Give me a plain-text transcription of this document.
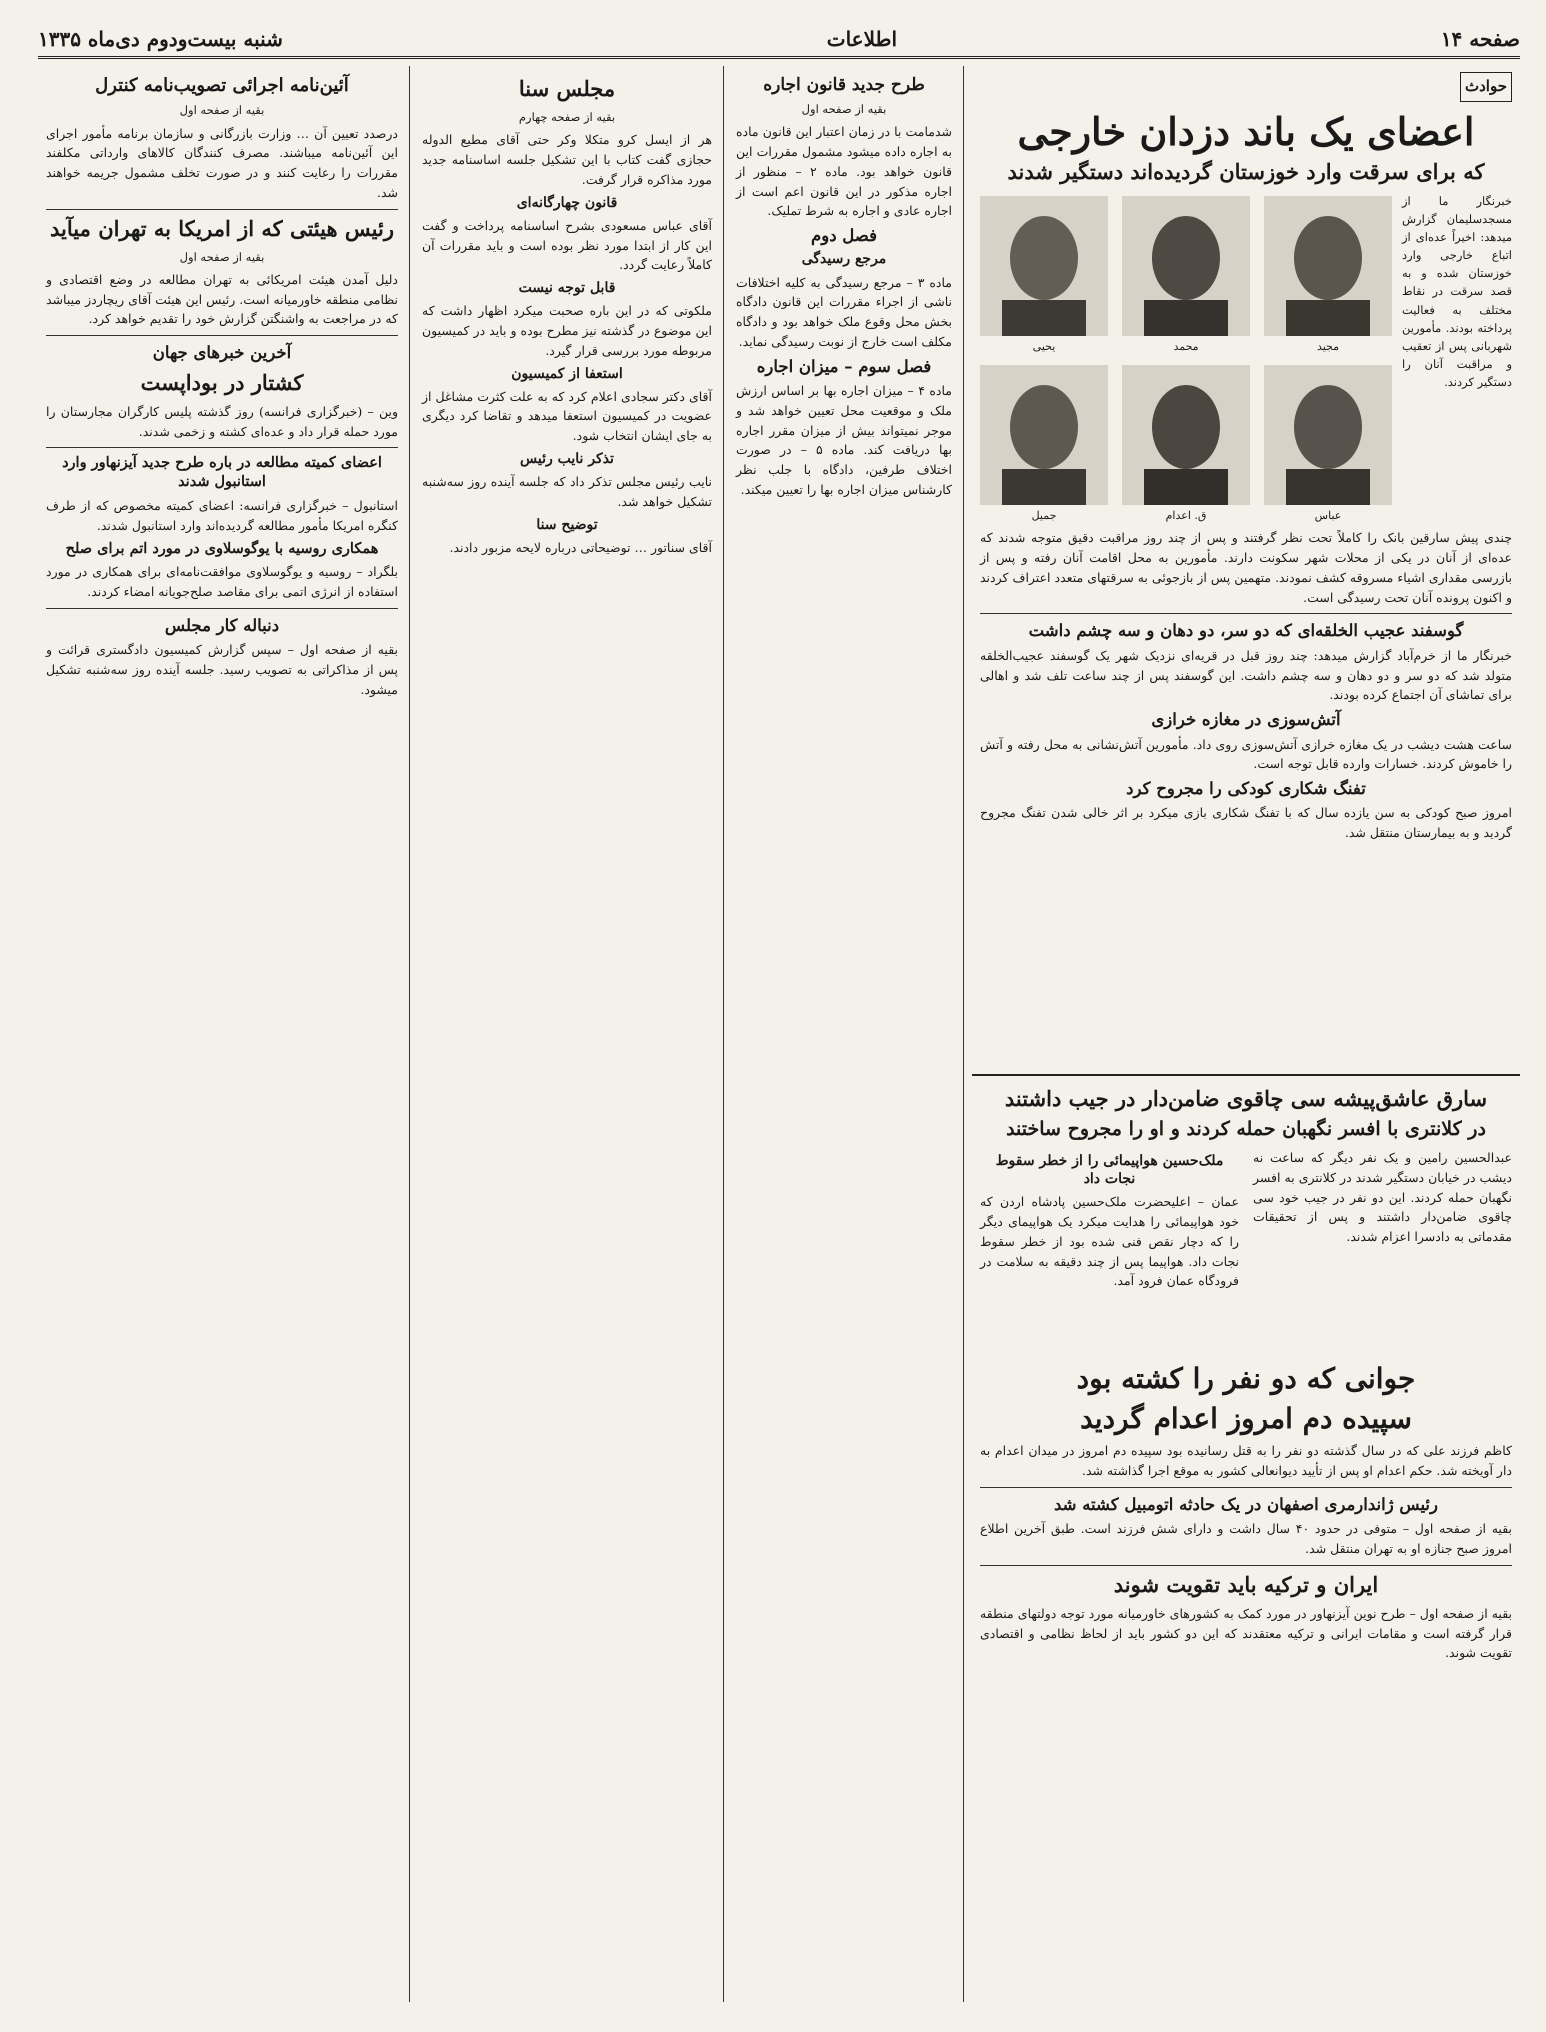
صفحه ۱۴
اطلاعات
شنبه بیست‌ودوم دی‌ماه ۱۳۳۵
حوادث
اعضای یک باند دزدان خارجی
که برای سرقت وارد خوزستان گردیده‌اند دستگیر شدند

خبرنگار ما از مسجدسلیمان گزارش میدهد: اخیراً عده‌ای از اتباع خارجی وارد خوزستان شده و به قصد سرقت در نقاط مختلف به فعالیت پرداخته بودند. مأمورین شهربانی پس از تعقیب و مراقبت آنان را دستگیر کردند.

مجید
محمد
یحیی
عباس
ق. اعدام
جمیل

چندی پیش سارقین بانک را کاملاً تحت نظر گرفتند و پس از چند روز مراقبت دقیق متوجه شدند که عده‌ای از آنان در یکی از محلات شهر سکونت دارند. مأمورین به محل اقامت آنان رفته و پس از بازرسی مقداری اشیاء مسروقه کشف نمودند. متهمین پس از بازجوئی به سرقتهای متعدد اعتراف کردند و اکنون پرونده آنان تحت رسیدگی است.

گوسفند عجیب الخلقه‌ای که دو سر، دو دهان و سه چشم داشت

خبرنگار ما از خرم‌آباد گزارش میدهد: چند روز قبل در قریه‌ای نزدیک شهر یک گوسفند عجیب‌الخلقه متولد شد که دو سر و دو دهان و سه چشم داشت. این گوسفند پس از چند ساعت تلف شد و اهالی برای تماشای آن اجتماع کرده بودند.

آتش‌سوزی در مغازه خرازی

ساعت هشت دیشب در یک مغازه خرازی آتش‌سوزی روی داد. مأمورین آتش‌نشانی به محل رفته و آتش را خاموش کردند. خسارات وارده قابل توجه است.

تفنگ شکاری کودکی را مجروح کرد

امروز صبح کودکی به سن یازده سال که با تفنگ شکاری بازی میکرد بر اثر خالی شدن تفنگ مجروح گردید و به بیمارستان منتقل شد.

سارق عاشق‌پیشه سی چاقوی ضامن‌دار در جیب داشتند
در کلانتری با افسر نگهبان حمله کردند و او را مجروح ساختند

عبدالحسین رامین و یک نفر دیگر که ساعت نه دیشب در خیابان دستگیر شدند در کلانتری به افسر نگهبان حمله کردند. این دو نفر در جیب خود سی چاقوی ضامن‌دار داشتند و پس از تحقیقات مقدماتی به دادسرا اعزام شدند.

ملک‌حسین هواپیمائی را از خطر سقوط نجات داد

عمان – اعلیحضرت ملک‌حسین پادشاه اردن که خود هواپیمائی را هدایت میکرد یک هواپیمای دیگر را که دچار نقص فنی شده بود از خطر سقوط نجات داد. هواپیما پس از چند دقیقه به سلامت در فرودگاه عمان فرود آمد.

جوانی که دو نفر را کشته بود
سپیده دم امروز اعدام گردید

کاظم فرزند علی که در سال گذشته دو نفر را به قتل رسانیده بود سپیده دم امروز در میدان اعدام به دار آویخته شد. حکم اعدام او پس از تأیید دیوانعالی کشور به موقع اجرا گذاشته شد.

رئیس ژاندارمری اصفهان در یک حادثه اتومبیل کشته شد

بقیه از صفحه اول – متوفی در حدود ۴۰ سال داشت و دارای شش فرزند است. طبق آخرین اطلاع امروز صبح جنازه او به تهران منتقل شد.

ایران و ترکیه باید تقویت شوند

بقیه از صفحه اول – طرح نوین آیزنهاور در مورد کمک به کشورهای خاورمیانه مورد توجه دولتهای منطقه قرار گرفته است و مقامات ایرانی و ترکیه معتقدند که این دو کشور باید از لحاظ نظامی و اقتصادی تقویت شوند.

طرح جدید قانون اجاره
بقیه از صفحه اول

شدمامت با در زمان اعتبار این قانون ماده به اجاره داده میشود مشمول مقررات این قانون خواهد بود. ماده ۲ – منظور از اجاره مذکور در این قانون اعم است از اجاره عادی و اجاره به شرط تملیک.

فصل دوم
مرجع رسیدگی

ماده ۳ – مرجع رسیدگی به کلیه اختلافات ناشی از اجراء مقررات این قانون دادگاه بخش محل وقوع ملک خواهد بود و دادگاه مکلف است خارج از نوبت رسیدگی نماید.

فصل سوم – میزان اجاره

ماده ۴ – میزان اجاره بها بر اساس ارزش ملک و موقعیت محل تعیین خواهد شد و موجر نمیتواند بیش از میزان مقرر اجاره بها دریافت کند. ماده ۵ – در صورت اختلاف طرفین، دادگاه با جلب نظر کارشناس میزان اجاره بها را تعیین میکند.

مجلس سنا
بقیه از صفحه چهارم

هر از ایسل کرو متکلا وکر حتی آقای مطیع الدوله حجازی گفت کتاب با این تشکیل جلسه اساسنامه جدید مورد مذاکره قرار گرفت.

قانون چهارگانه‌ای

آقای عباس مسعودی بشرح اساسنامه پرداخت و گفت این کار از ابتدا مورد نظر بوده است و باید مقررات آن کاملاً رعایت گردد.

قابل توجه نیست

ملکوتی که در این باره صحبت میکرد اظهار داشت که این موضوع در گذشته نیز مطرح بوده و باید در کمیسیون مربوطه مورد بررسی قرار گیرد.

استعفا از کمیسیون

آقای دکتر سجادی اعلام کرد که به علت کثرت مشاغل از عضویت در کمیسیون استعفا میدهد و تقاضا کرد دیگری به جای ایشان انتخاب شود.

تذکر نایب رئیس

نایب رئیس مجلس تذکر داد که جلسه آینده روز سه‌شنبه تشکیل خواهد شد.

توضیح سنا

آقای سناتور … توضیحاتی درباره لایحه مزبور دادند.

آئین‌نامه اجرائی تصویب‌نامه کنترل
بقیه از صفحه اول

درصدد تعیین آن … وزارت بازرگانی و سازمان برنامه مأمور اجرای این آئین‌نامه میباشند. مصرف کنندگان کالاهای وارداتی مکلفند مقررات را رعایت کنند و در صورت تخلف مشمول جریمه خواهند شد.

رئیس هیئتی که از امریکا به تهران میآید
بقیه از صفحه اول

دلیل آمدن هیئت امریکائی به تهران مطالعه در وضع اقتصادی و نظامی منطقه خاورمیانه است. رئیس این هیئت آقای ریچاردز میباشد که در مراجعت به واشنگتن گزارش خود را تقدیم خواهد کرد.

آخرین خبرهای جهان
کشتار در بوداپست

وین – (خبرگزاری فرانسه) روز گذشته پلیس کارگران مجارستان را مورد حمله قرار داد و عده‌ای کشته و زخمی شدند.

اعضای کمیته مطالعه در باره طرح جدید آیزنهاور وارد استانبول شدند

استانبول – خبرگزاری فرانسه: اعضای کمیته مخصوص که از طرف کنگره امریکا مأمور مطالعه گردیده‌اند وارد استانبول شدند.

همکاری روسیه با یوگوسلاوی در مورد اتم برای صلح

بلگراد – روسیه و یوگوسلاوی موافقت‌نامه‌ای برای همکاری در مورد استفاده از انرژی اتمی برای مقاصد صلح‌جویانه امضاء کردند.

دنباله کار مجلس

بقیه از صفحه اول – سپس گزارش کمیسیون دادگستری قرائت و پس از مذاکراتی به تصویب رسید. جلسه آینده روز سه‌شنبه تشکیل میشود.
